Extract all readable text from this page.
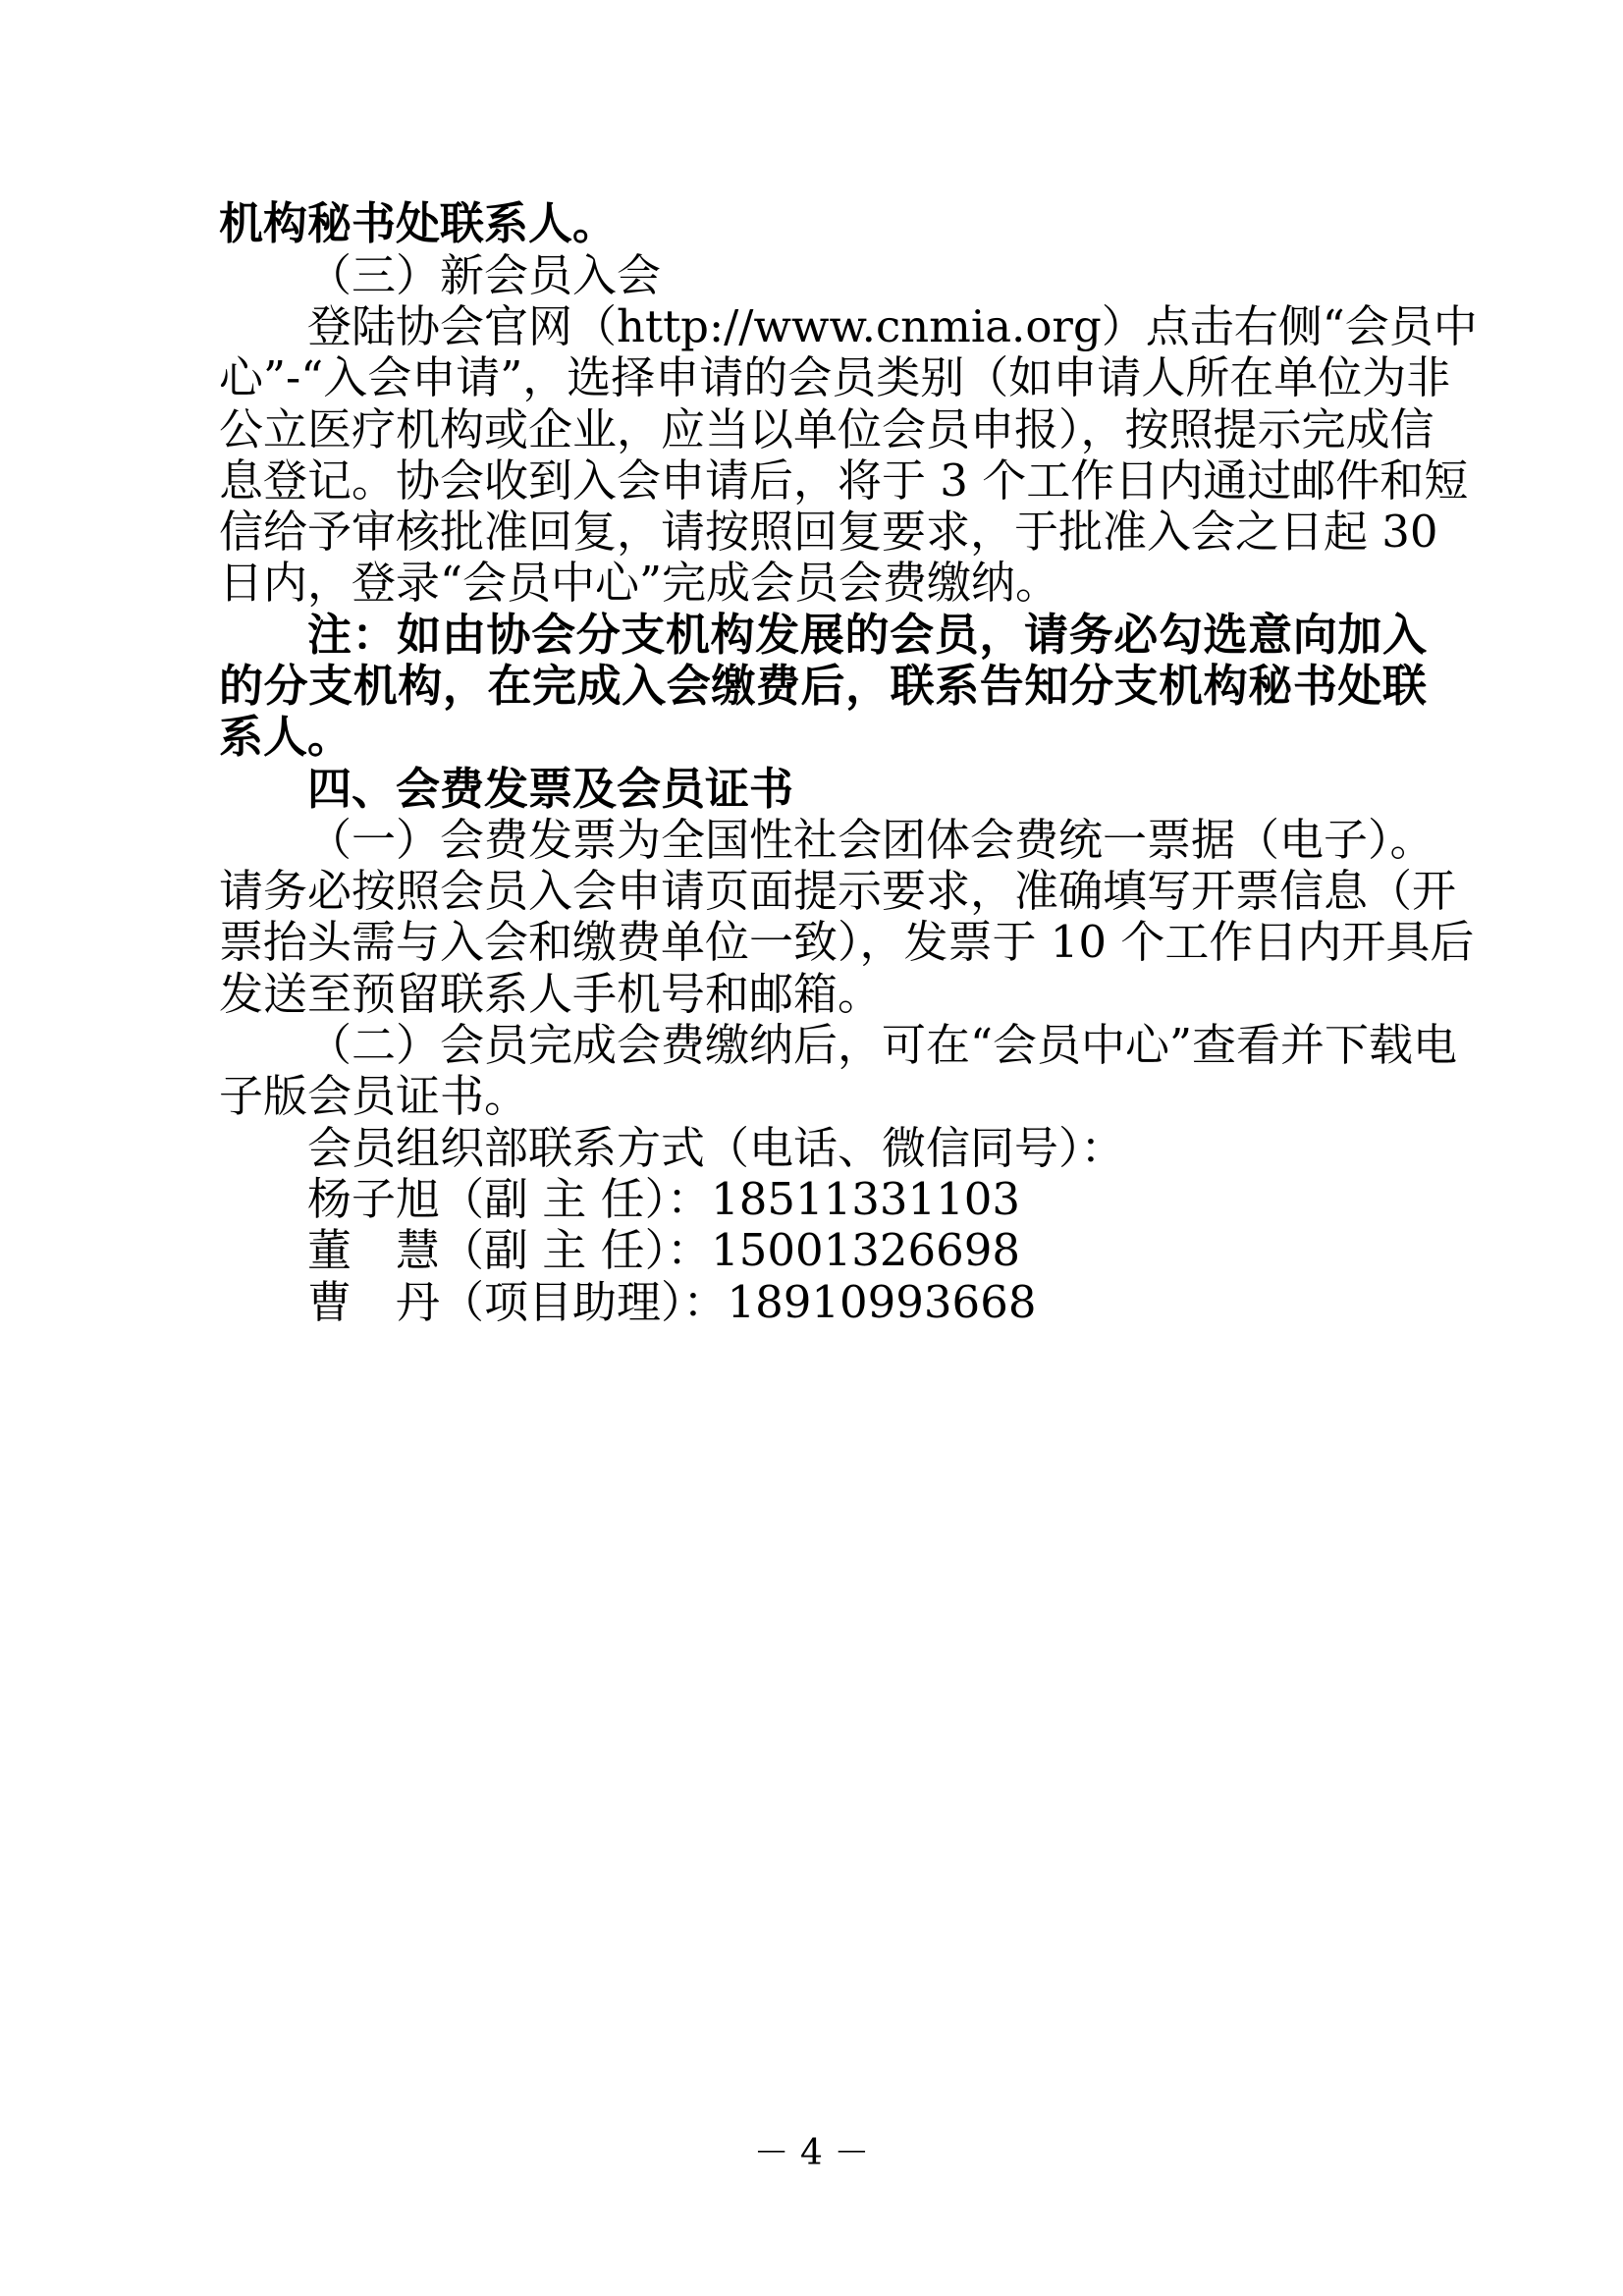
机构秘书处联系人。
（三）新会员入会
登陆协会官网（http://www.cnmia.org）点击右侧“会员中
心”-“入会申请”，选择申请的会员类别（如申请人所在单位为非
公立医疗机构或企业，应当以单位会员申报），按照提示完成信
息登记。协会收到入会申请后，将于 3 个工作日内通过邮件和短
信给予审核批准回复，请按照回复要求，于批准入会之日起 30
日内，登录“会员中心”完成会员会费缴纳。
注：如由协会分支机构发展的会员，请务必勾选意向加入
的分支机构，在完成入会缴费后，联系告知分支机构秘书处联
系人。
四、会费发票及会员证书
（一）会费发票为全国性社会团体会费统一票据（电子）。
请务必按照会员入会申请页面提示要求，准确填写开票信息（开
票抬头需与入会和缴费单位一致），发票于 10 个工作日内开具后
发送至预留联系人手机号和邮箱。
（二）会员完成会费缴纳后，可在“会员中心”查看并下载电
子版会员证书。
会员组织部联系方式（电话、微信同号）：
杨子旭（副 主 任）：18511331103
董慧（副 主 任）：15001326698
曹丹（项目助理）：18910993668
－ 4 －
